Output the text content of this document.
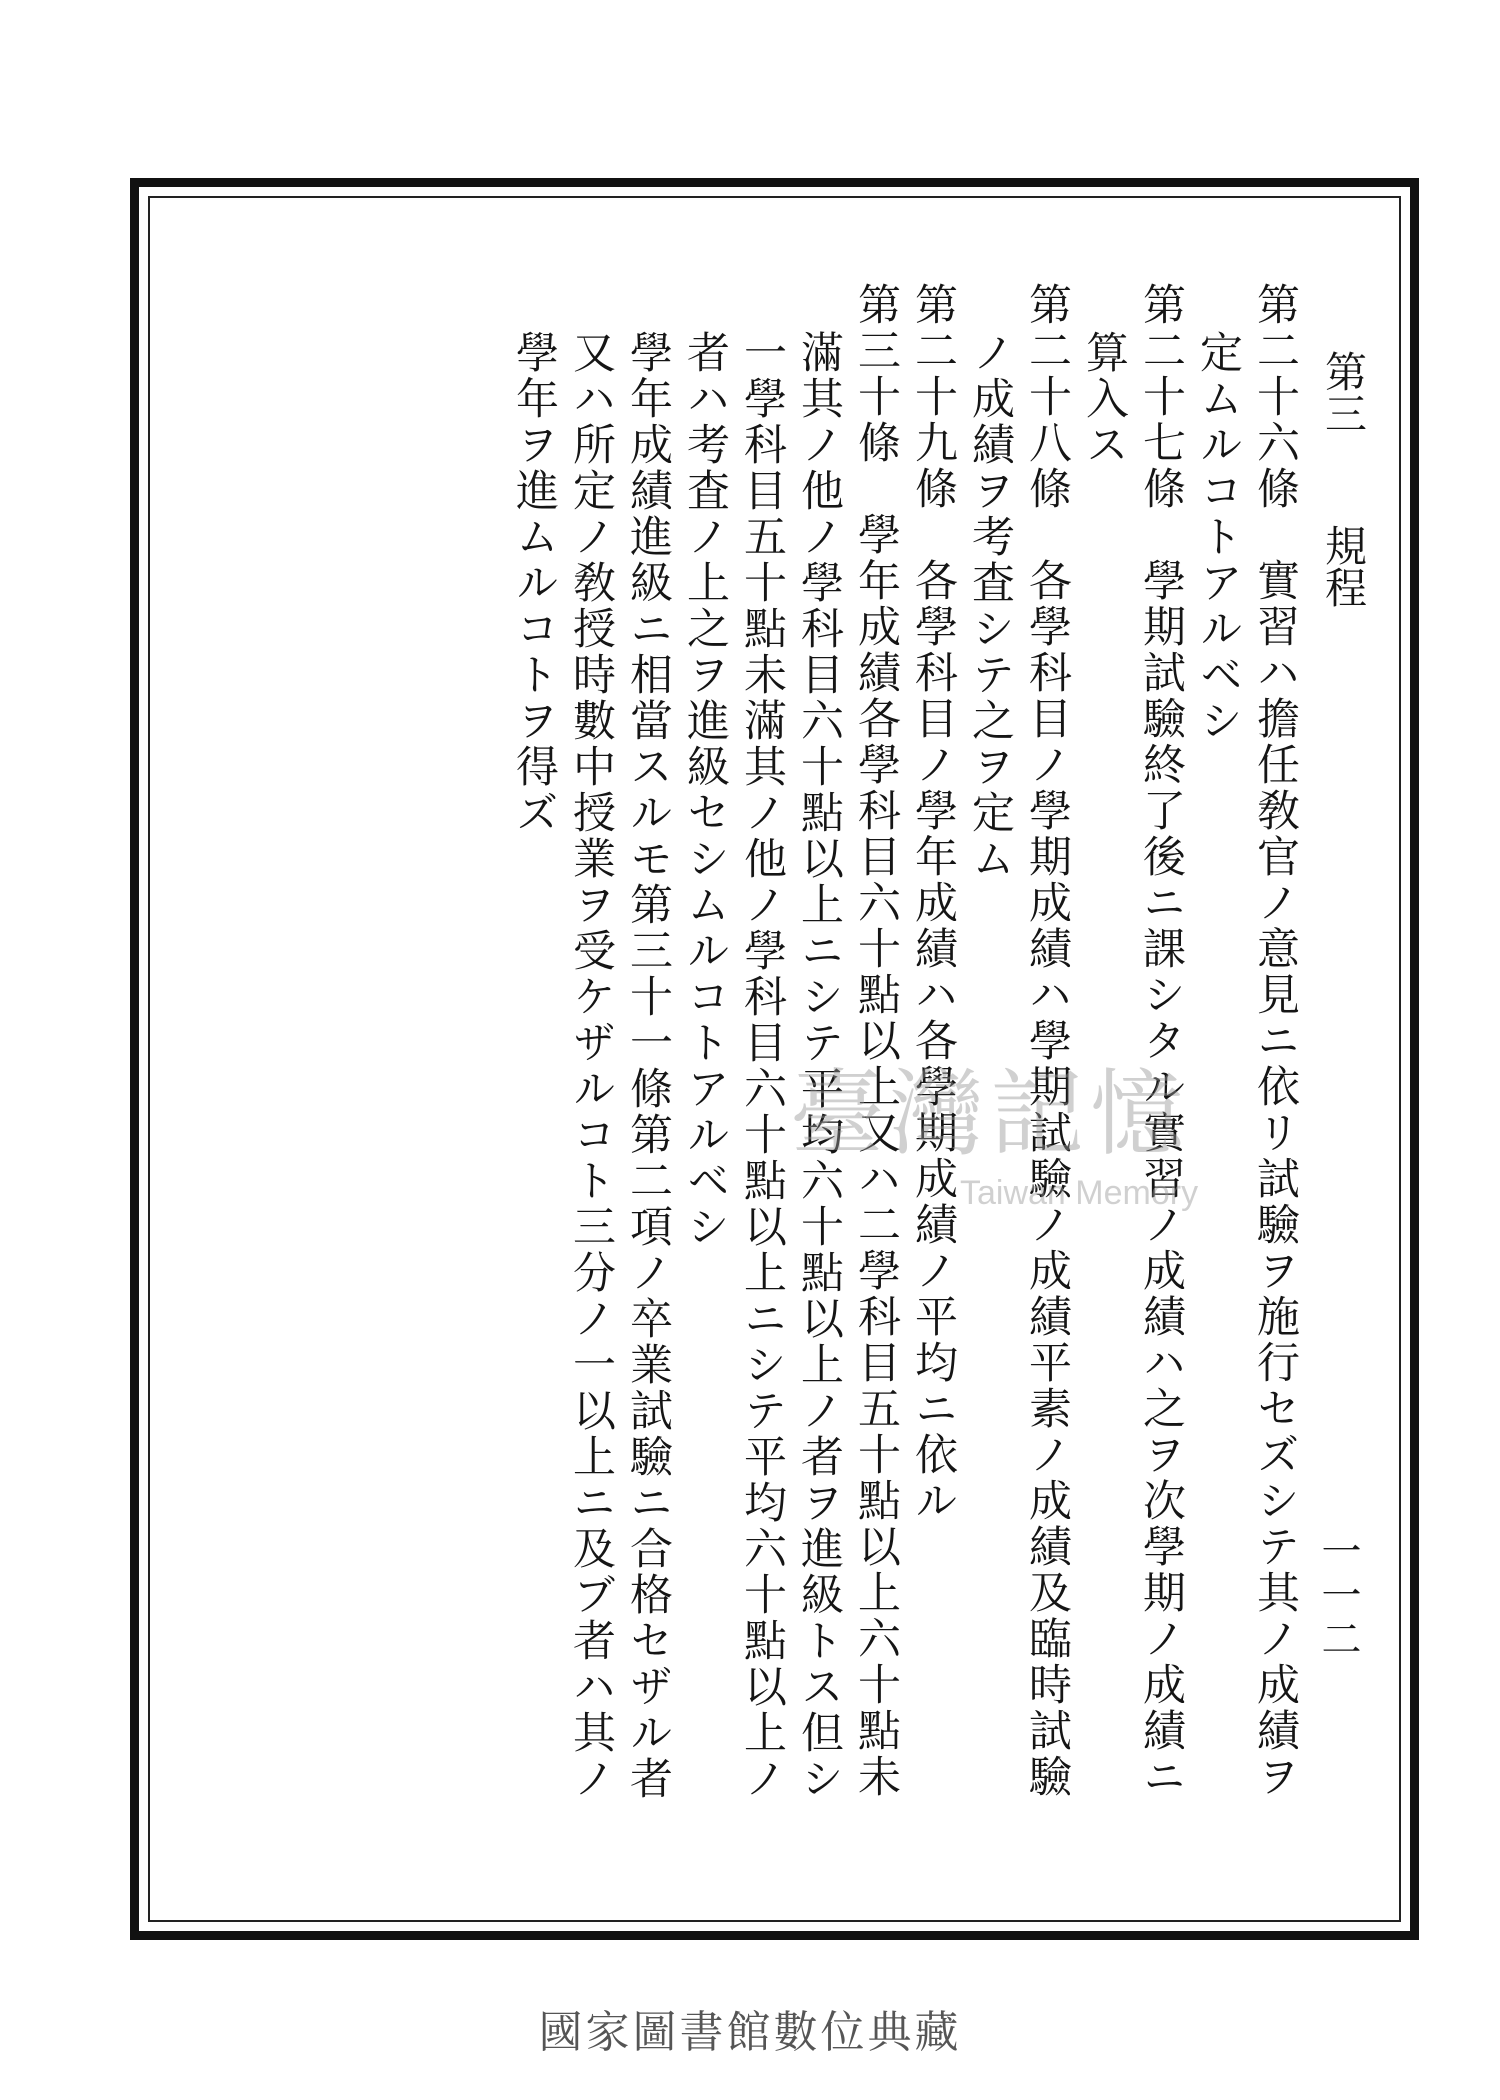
第三規程
一一二
第二十六條　實習ハ擔任敎官ノ意見ニ依リ試驗ヲ施行セズシテ其ノ成績ヲ
定ムルコトアルベシ
第二十七條　學期試驗終了後ニ課シタル實習ノ成績ハ之ヲ次學期ノ成績ニ
算入ス
第二十八條　各學科目ノ學期成績ハ學期試驗ノ成績平素ノ成績及臨時試驗
ノ成績ヲ考査シテ之ヲ定ム
第二十九條　各學科目ノ學年成績ハ各學期成績ノ平均ニ依ル
第三十條　學年成績各學科目六十點以上又ハ二學科目五十點以上六十點未
滿其ノ他ノ學科目六十點以上ニシテ平均六十點以上ノ者ヲ進級トス但シ
一學科目五十點未滿其ノ他ノ學科目六十點以上ニシテ平均六十點以上ノ
者ハ考査ノ上之ヲ進級セシムルコトアルベシ
學年成績進級ニ相當スルモ第三十一條第二項ノ卒業試驗ニ合格セザル者
又ハ所定ノ敎授時數中授業ヲ受ケザルコト三分ノ一以上ニ及ブ者ハ其ノ
學年ヲ進ムルコトヲ得ズ
臺灣記憶
Taiwan Memory
國家圖書館數位典藏
